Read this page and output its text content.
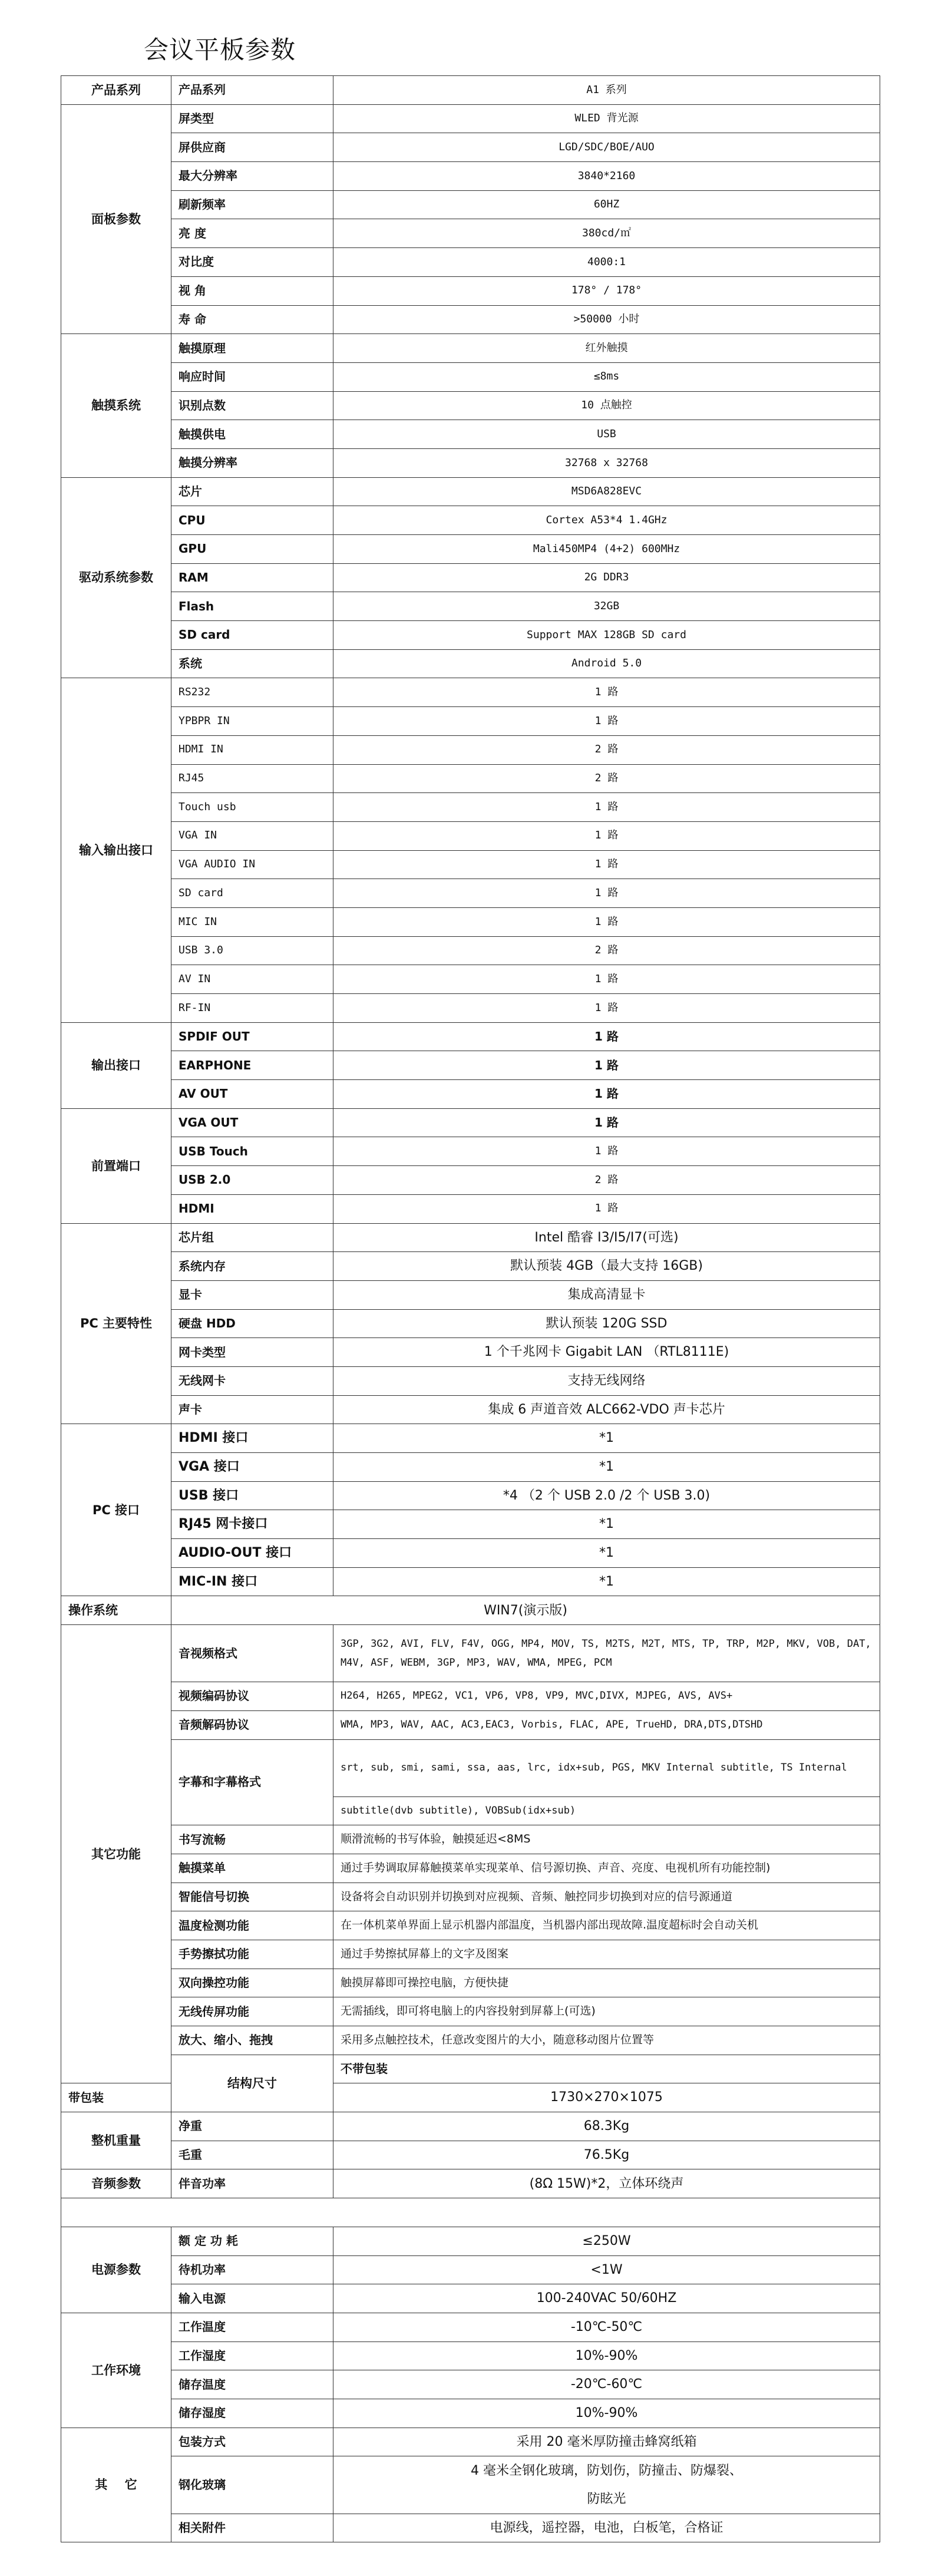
会议平板参数
产品系列	产品系列	A1 系列	
面板参数	屏类型	WLED 背光源	
	屏供应商	LGD/SDC/BOE/AUO	
	最大分辨率	3840*2160	
	刷新频率	60HZ	
	亮 度	380cd/㎡	
	对比度	4000:1	
	视 角	178° / 178°	
	寿 命	>50000 小时	
触摸系统	触摸原理	红外触摸	
	响应时间	≤8ms	
	识别点数	10 点触控	
	触摸供电	USB	
	触摸分辨率	32768 x 32768	
驱动系统参数	芯片	MSD6A828EVC	
	CPU	Cortex A53*4 1.4GHz	
	GPU	Mali450MP4 (4+2) 600MHz	
	RAM	2G DDR3	
	Flash	32GB	
	SD card	Support MAX 128GB SD card	
	系统	Android 5.0	
输入输出接口	RS232	1 路	
	YPBPR IN	1 路	
	HDMI IN	2 路	
	RJ45	2 路	
	Touch usb	1 路	
	VGA IN	1 路	
	VGA AUDIO IN	1 路	
	SD card	1 路	
	MIC IN	1 路	
	USB 3.0	2 路	
	AV IN	1 路	
	RF-IN	1 路	
输出接口	SPDIF OUT	1 路	
	EARPHONE	1 路	
	AV OUT	1 路	
前置端口	VGA OUT	1 路	
	USB Touch	1 路	
	USB 2.0	2 路	
	HDMI	1 路	
PC 主要特性	芯片组	Intel 酷睿 I3/I5/I7(可选)	
	系统内存	默认预装 4GB（最大支持 16GB)	
	显卡	集成高清显卡	
	硬盘 HDD	默认预装 120G SSD	
	网卡类型	1 个千兆网卡 Gigabit LAN （RTL8111E)	
	无线网卡	支持无线网络	
	声卡	集成 6 声道音效 ALC662-VDO 声卡芯片	
PC 接口	HDMI 接口	*1	
	VGA 接口	*1	
	USB 接口	*4 （2 个 USB 2.0 /2 个 USB 3.0)	
	RJ45 网卡接口	*1	
	AUDIO-OUT 接口	*1	
	MIC-IN 接口	*1	
操作系统	WIN7(演示版)		
其它功能	音视频格式	3GP, 3G2, AVI, FLV, F4V, OGG, MP4, MOV, TS, M2TS, M2T, MTS, TP, TRP, M2P, MKV, VOB, DAT, M4V, ASF, WEBM, 3GP, MP3, WAV, WMA, MPEG, PCM	
	视频编码协议	H264, H265, MPEG2, VC1, VP6, VP8, VP9, MVC,DIVX, MJPEG, AVS, AVS+	
	音频解码协议	WMA, MP3, WAV, AAC, AC3,EAC3, Vorbis, FLAC, APE, TrueHD, DRA,DTS,DTSHD	
	字幕和字幕格式	srt, sub, smi, sami, ssa, aas, lrc, idx+sub, PGS, MKV Internal subtitle, TS Internal	
		subtitle(dvb subtitle), VOBSub(idx+sub)	
	书写流畅	顺滑流畅的书写体验，触摸延迟<8MS	
	触摸菜单	通过手势调取屏幕触摸菜单实现菜单、信号源切换、声音、亮度、电视机所有功能控制)	
	智能信号切换	设备将会自动识别并切换到对应视频、音频、触控同步切换到对应的信号源通道	
	温度检测功能	在一体机菜单界面上显示机器内部温度，当机器内部出现故障.温度超标时会自动关机	
	手势擦拭功能	通过手势擦拭屏幕上的文字及图案	
	双向操控功能	触摸屏幕即可操控电脑，方便快捷	
	无线传屏功能	无需插线，即可将电脑上的内容投射到屏幕上(可选)	
	放大、缩小、拖拽	采用多点触控技术，任意改变图片的大小，随意移动图片位置等	
	结构尺寸	不带包装	
带包装		1730×270×1075	
整机重量	净重	68.3Kg	
	毛重	76.5Kg	
音频参数	伴音功率	(8Ω 15W)*2，立体环绕声	

电源参数	额 定 功 耗	≤250W	
	待机功率	<1W	
	输入电源	100-240VAC 50/60HZ	
工作环境	工作温度	-10℃-50℃	
	工作湿度	10%-90%	
	储存温度	-20℃-60℃	
	储存湿度	10%-90%	
其    它	包装方式	采用 20 毫米厚防撞击蜂窝纸箱	
	钢化玻璃	4 毫米全钢化玻璃，防划伤，防撞击、防爆裂、	
		防眩光	
	相关附件	电源线，遥控器，电池，白板笔，合格证	
